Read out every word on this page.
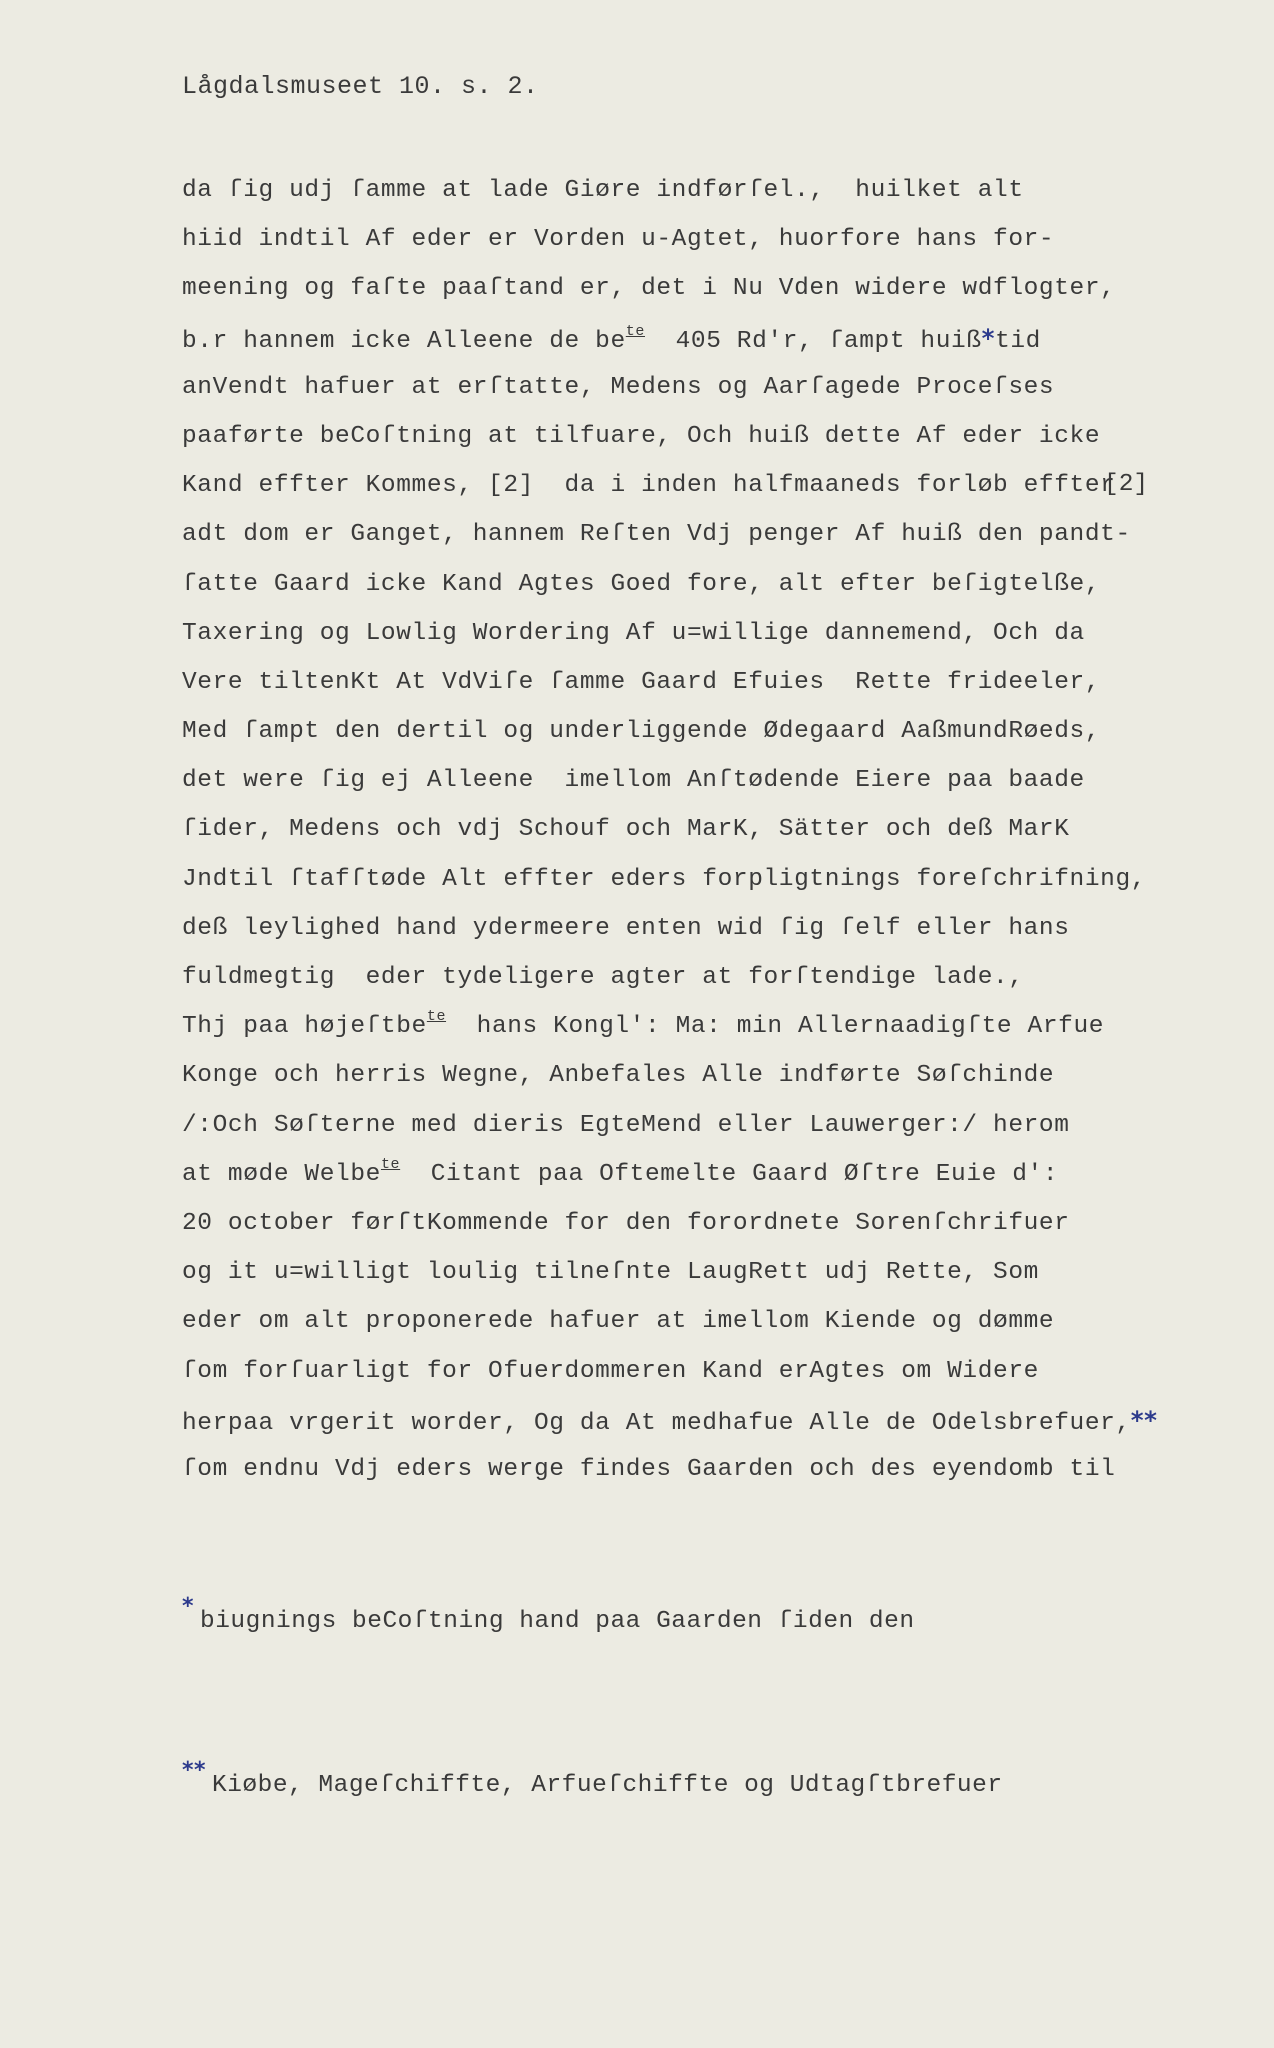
Lågdalsmuseet 10. s. 2.
da ſig udj ſamme at lade Giøre indførſel.,  huilket alt
hiid indtil Af eder er Vorden u-Agtet, huorfore hans for-
meening og faſte paaſtand er, det i Nu Vden widere wdflogter,
b.r hannem icke Alleene de $be^{te}$  405 Rd'r, ſampt huiß*tid
anVendt hafuer at erſtatte, Medens og Aarſagede Proceſses
paaførte beCoſtning at tilfuare, Och huiß dette Af eder icke
Kand effter Kommes, [2]  da i inden halfmaaneds forløb effter
adt dom er Ganget, hannem Reſten Vdj penger Af huiß den pandt-
ſatte Gaard icke Kand Agtes Goed fore, alt efter beſigtelße,
Taxering og Lowlig Wordering Af u=willige dannemend, Och da
Vere tiltenKt At VdViſe ſamme Gaard Efuies  Rette frideeler,
Med ſampt den dertil og underliggende Ødegaard AaßmundRøeds,
det were ſig ej Alleene  imellom Anſtødende Eiere paa baade
ſider, Medens och vdj Schouf och MarK, Sätter och deß MarK
Jndtil ſtafſtøde Alt effter eders forpligtnings foreſchrifning,
deß leylighed hand ydermeere enten wid ſig ſelf eller hans
fuldmegtig  eder tydeligere agter at forſtendige lade.,
Thj paa højeſtbe$^{te}$  hans Kongl': Ma: min Allernaadigſte Arfue
Konge och herris Wegne, Anbefales Alle indførte Søſchinde
/:Och Søſterne med dieris EgteMend eller Lauwerger:/ herom
at møde Welbe$^{te}$  Citant paa Oftemelte Gaard Øſtre Euie d':
20 october førſtKommende for den forordnete Sorenſchrifuer
og it u=willigt loulig tilneſnte LaugRett udj Rette, Som
eder om alt proponerede hafuer at imellom Kiende og dømme
ſom forſuarligt for Ofuerdommeren Kand erAgtes om Widere
herpaa vrgerit worder, Og da At medhafue Alle de Odelsbrefuer,**
ſom endnu Vdj eders werge findes Gaarden och des eyendomb til
[2]
*biugnings beCoſtning hand paa Gaarden ſiden den
**Kiøbe, Mageſchiffte, Arfueſchiffte og Udtagſtbrefuer
